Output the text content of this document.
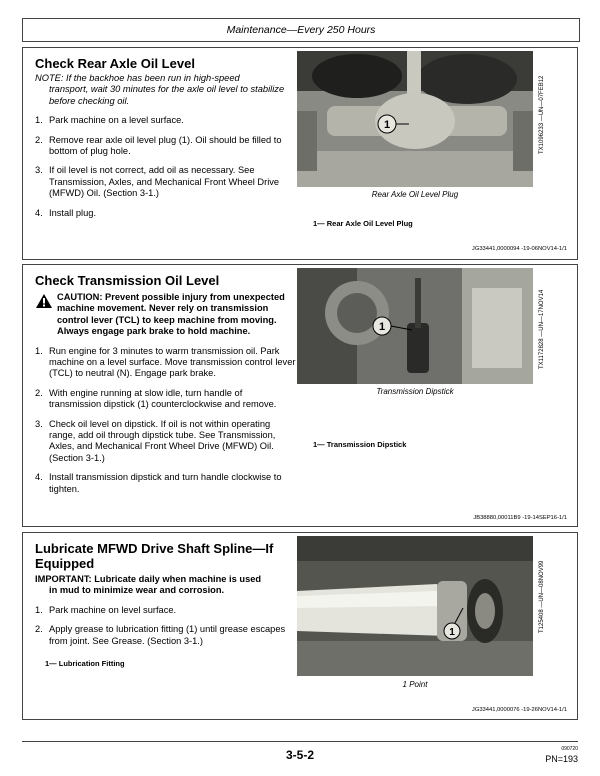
Maintenance—Every 250 Hours
Check Rear Axle Oil Level
NOTE: If the backhoe has been run in high-speed
transport, wait 30 minutes for the axle oil level to stabilize before checking oil.
1. Park machine on a level surface.
2. Remove rear axle oil level plug (1). Oil should be filled to bottom of plug hole.
3. If oil level is not correct, add oil as necessary. See Transmission, Axles, and Mechanical Front Wheel Drive (MFWD) Oil. (Section 3-1.)
4. Install plug.
1	TX1096233 —UN—07FEB12
Rear Axle Oil Level Plug
1— Rear Axle Oil Level Plug
JG33441,0000094 -19-06NOV14-1/1
Check Transmission Oil Level
CAUTION: Prevent possible injury from unexpected machine movement. Never rely on transmission control lever (TCL) to keep machine from moving. Always engage park brake to hold machine.
1. Run engine for 3 minutes to warm transmission oil. Park machine on a level surface. Move transmission control lever (TCL) to neutral (N). Engage park brake.
2. With engine running at slow idle, turn handle of transmission dipstick (1) counterclockwise and remove.
3. Check oil level on dipstick. If oil is not within operating range, add oil through dipstick tube. See Transmission, Axles, and Mechanical Front Wheel Drive (MFWD) Oil. (Section 3-1.)
4. Install transmission dipstick and turn handle clockwise to tighten.
1	TX1172828 —UN—17NOV14
Transmission Dipstick
1— Transmission Dipstick
JB38880,00011B9 -19-14SEP16-1/1
Lubricate MFWD Drive Shaft Spline—If Equipped
IMPORTANT: Lubricate daily when machine is used
in mud to minimize wear and corrosion.
1. Park machine on level surface.
2. Apply grease to lubrication fitting (1) until grease escapes from joint. See Grease. (Section 3-1.)
1— Lubrication Fitting
1	T125408 —UN—08NOV99
1 Point
JG33441,0000076 -19-26NOV14-1/1
3-5-2	090720
PN=193
